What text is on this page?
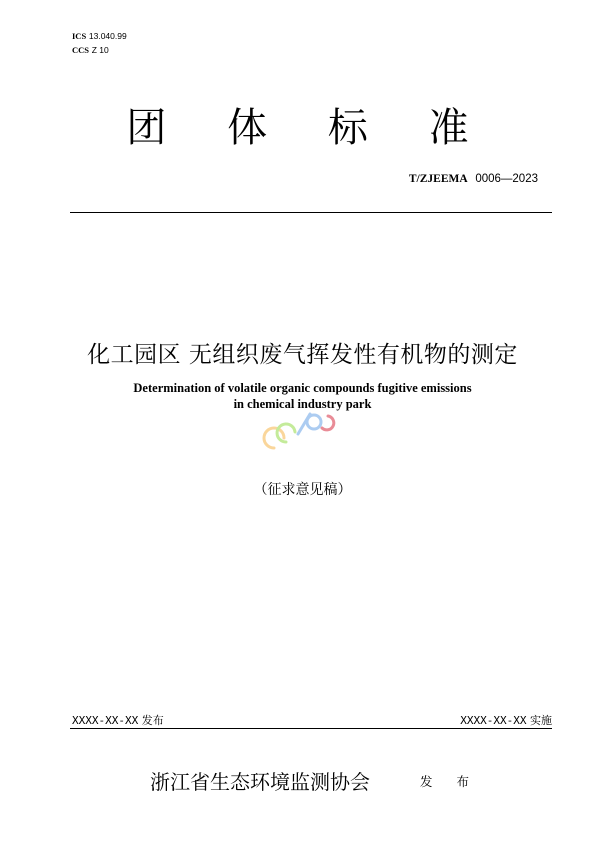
ICS 13.040.99
CCS Z 10
团 体 标 准
T/ZJEEMA 0006—2023
化工园区 无组织废气挥发性有机物的测定
Determination of volatile organic compounds fugitive emissions
in chemical industry park
（征求意见稿）
XXXX-XX-XX 发布	XXXX-XX-XX 实施
浙江省生态环境监测协会	发 布
